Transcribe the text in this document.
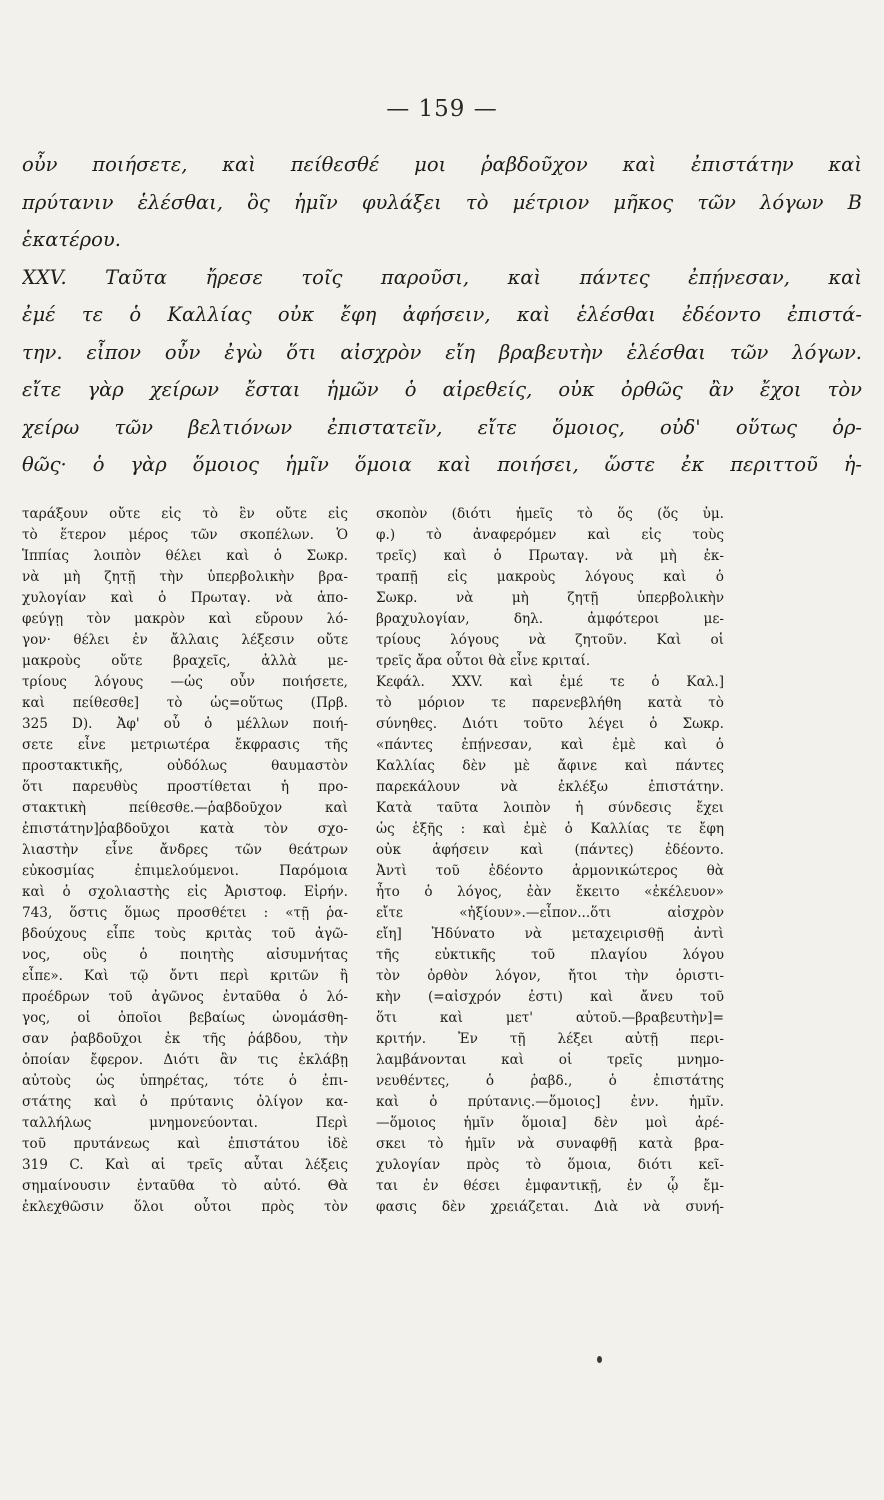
— 159 —
οὖν ποιήσετε, καὶ πείθεσθέ μοι ῥαβδοῦχον καὶ ἐπιστάτην καὶ
πρύτανιν ἑλέσθαι, ὃς ἡμῖν φυλάξει τὸ μέτριον μῆκος τῶν λόγων B
ἑκατέρου.
XXV. Ταῦτα ἤρεσε τοῖς παροῦσι, καὶ πάντες ἐπῄνεσαν, καὶ
ἐμέ τε ὁ Καλλίας οὐκ ἔφη ἀφήσειν, καὶ ἑλέσθαι ἐδέοντο ἐπιστά-
την. εἶπον οὖν ἐγὼ ὅτι αἰσχρὸν εἴη βραβευτὴν ἑλέσθαι τῶν λόγων.
εἴτε γὰρ χείρων ἔσται ἡμῶν ὁ αἱρεθείς, οὐκ ὀρθῶς ἂν ἔχοι τὸν
χείρω τῶν βελτιόνων ἐπιστατεῖν, εἴτε ὅμοιος, οὐδ' οὕτως ὀρ-
θῶς· ὁ γὰρ ὅμοιος ἡμῖν ὅμοια καὶ ποιήσει, ὥστε ἐκ περιττοῦ ἡ-
ταράξουν οὔτε εἰς τὸ ἓν οὔτε εἰς
τὸ ἕτερον μέρος τῶν σκοπέλων. Ὁ
Ἱππίας λοιπὸν θέλει καὶ ὁ Σωκρ.
νὰ μὴ ζητῇ τὴν ὑπερβολικὴν βρα-
χυλογίαν καὶ ὁ Πρωταγ. νὰ ἀπο-
φεύγῃ τὸν μακρὸν καὶ εὔρουν λό-
γον· θέλει ἐν ἄλλαις λέξεσιν οὔτε
μακροὺς οὔτε βραχεῖς, ἀλλὰ με-
τρίους λόγους —ὡς οὖν ποιήσετε,
καὶ πείθεσθε] τὸ ὡς=οὕτως (Πρβ.
325 D). Ἀφ' οὗ ὁ μέλλων ποιή-
σετε εἶνε μετριωτέρα ἔκφρασις τῆς
προστακτικῆς, οὐδόλως θαυμαστὸν
ὅτι παρευθὺς προστίθεται ἡ προ-
στακτικὴ πείθεσθε.—ῥαβδοῦχον καὶ
ἐπιστάτην]ῥαβδοῦχοι κατὰ τὸν σχο-
λιαστὴν εἶνε ἄνδρες τῶν θεάτρων
εὐκοσμίας ἐπιμελούμενοι. Παρόμοια
καὶ ὁ σχολιαστὴς εἰς Ἀριστοφ. Εἰρήν.
743, ὅστις ὅμως προσθέτει : «τῇ ῥα-
βδούχους εἶπε τοὺς κριτὰς τοῦ ἀγῶ-
νος, οὓς ὁ ποιητὴς αἰσυμνήτας
εἶπε». Καὶ τῷ ὄντι περὶ κριτῶν ἢ
προέδρων τοῦ ἀγῶνος ἐνταῦθα ὁ λό-
γος, οἱ ὁποῖοι βεβαίως ὠνομάσθη-
σαν ῥαβδοῦχοι ἐκ τῆς ῥάβδου, τὴν
ὁποίαν ἔφερον. Διότι ἂν τις ἐκλάβῃ
αὐτοὺς ὡς ὑπηρέτας, τότε ὁ ἐπι-
στάτης καὶ ὁ πρύτανις ὀλίγον κα-
ταλλήλως μνημονεύονται. Περὶ
τοῦ πρυτάνεως καὶ ἐπιστάτου ἰδὲ
319 C. Καὶ αἱ τρεῖς αὗται λέξεις
σημαίνουσιν ἐνταῦθα τὸ αὐτό. Θὰ
ἐκλεχθῶσιν ὅλοι οὗτοι πρὸς τὸν
σκοπὸν (διότι ἡμεῖς τὸ ὅς (ὅς ὑμ.
φ.) τὸ ἀναφερόμεν καὶ εἰς τοὺς
τρεῖς) καὶ ὁ Πρωταγ. νὰ μὴ ἐκ-
τραπῇ εἰς μακροὺς λόγους καὶ ὁ
Σωκρ. νὰ μὴ ζητῇ ὑπερβολικὴν
βραχυλογίαν, δηλ. ἀμφότεροι με-
τρίους λόγους νὰ ζητοῦν. Καὶ οἱ
τρεῖς ἄρα οὗτοι θὰ εἶνε κριταί.
Κεφάλ. XXV. καὶ ἐμέ τε ὁ Καλ.]
τὸ μόριον τε παρενεβλήθη κατὰ τὸ
σύνηθες. Διότι τοῦτο λέγει ὁ Σωκρ.
«πάντες ἐπῄνεσαν, καὶ ἐμὲ καὶ ὁ
Καλλίας δὲν μὲ ἄφινε καὶ πάντες
παρεκάλουν νὰ ἐκλέξω ἐπιστάτην.
Κατὰ ταῦτα λοιπὸν ἡ σύνδεσις ἔχει
ὡς ἑξῆς : καὶ ἐμὲ ὁ Καλλίας τε ἔφη
οὐκ ἀφήσειν καὶ (πάντες) ἐδέοντο.
Ἀντὶ τοῦ ἐδέοντο ἁρμονικώτερος θὰ
ἦτο ὁ λόγος, ἐὰν ἔκειτο «ἐκέλευον»
εἴτε «ἠξίουν».—εἶπον...ὅτι αἰσχρὸν
εἴη] Ἠδύνατο νὰ μεταχειρισθῇ ἀντὶ
τῆς εὐκτικῆς τοῦ πλαγίου λόγου
τὸν ὀρθὸν λόγον, ἤτοι τὴν ὁριστι-
κὴν (=αἰσχρόν ἐστι) καὶ ἄνευ τοῦ
ὅτι καὶ μετ' αὐτοῦ.—βραβευτὴν]=
κριτήν. Ἐν τῇ λέξει αὐτῇ περι-
λαμβάνονται καὶ οἱ τρεῖς μνημο-
νευθέντες, ὁ ῥαβδ., ὁ ἐπιστάτης
καὶ ὁ πρύτανις.—ὅμοιος] ἐνν. ἡμῖν.
—ὅμοιος ἡμῖν ὅμοια] δὲν μοὶ ἀρέ-
σκει τὸ ἡμῖν νὰ συναφθῇ κατὰ βρα-
χυλογίαν πρὸς τὸ ὅμοια, διότι κεῖ-
ται ἐν θέσει ἐμφαντικῇ, ἐν ᾧ ἔμ-
φασις δὲν χρειάζεται. Διὰ νὰ συνή-
